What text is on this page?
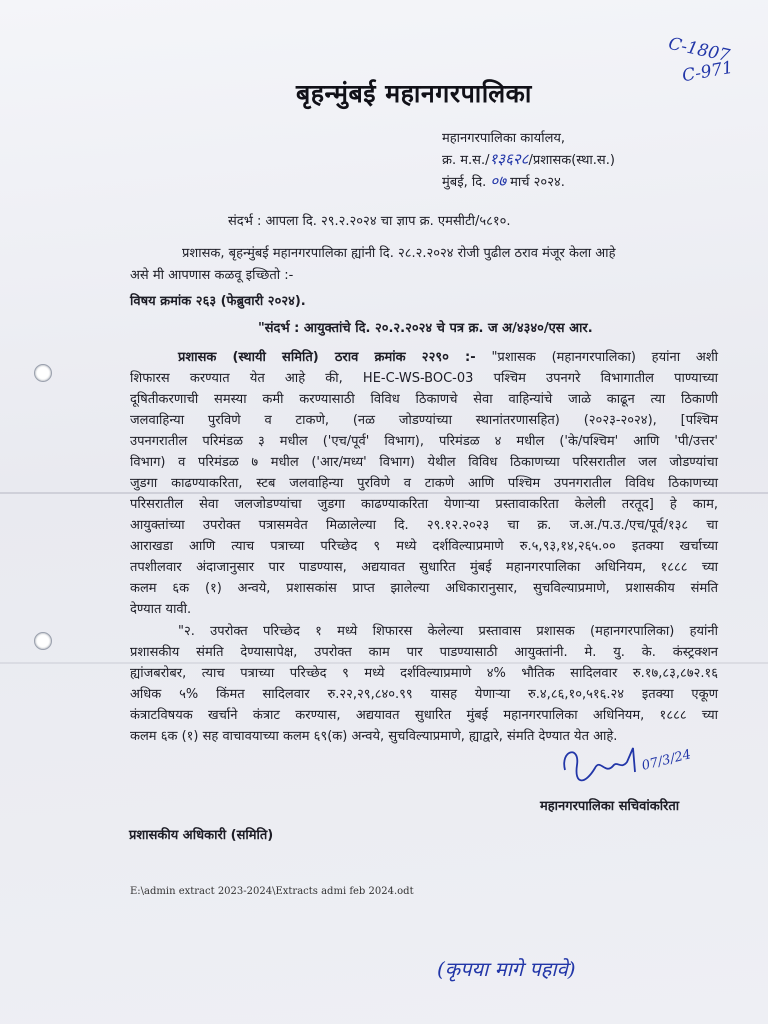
C-1807
C-971
बृहन्मुंबई महानगरपालिका
महानगरपालिका कार्यालय,
क्र. म.स./१३६२८/प्रशासक(स्था.स.)
मुंबई, दि. ०७ मार्च २०२४.
संदर्भ : आपला दि. २९.२.२०२४ चा ज्ञाप क्र. एमसीटी/५८१०.
प्रशासक, बृहन्मुंबई महानगरपालिका ह्यांनी दि. २८.२.२०२४ रोजी पुढील ठराव मंजूर केला आहे
असे मी आपणास कळवू इच्छितो :-
विषय क्रमांक २६३ (फेब्रुवारी २०२४).
"संदर्भ : आयुक्तांचे दि. २०.२.२०२४ चे पत्र क्र. ज अ/४३४०/एस आर.
प्रशासक (स्थायी समिति) ठराव क्रमांक २२९० :- "प्रशासक (महानगरपालिका) हयांना अशी
शिफारस करण्यात येत आहे की, HE-C-WS-BOC-03 पश्चिम उपनगरे विभागातील पाण्याच्या
दूषितीकरणाची समस्या कमी करण्यासाठी विविध ठिकाणचे सेवा वाहिन्यांचे जाळे काढून त्या ठिकाणी
जलवाहिन्या पुरविणे व टाकणे, (नळ जोडण्यांच्या स्थानांतरणासहित) (२०२३-२०२४), [पश्चिम
उपनगरातील परिमंडळ ३ मधील ('एच/पूर्व' विभाग), परिमंडळ ४ मधील ('के/पश्चिम' आणि 'पी/उत्तर'
विभाग) व परिमंडळ ७ मधील ('आर/मध्य' विभाग) येथील विविध ठिकाणच्या परिसरातील जल जोडण्यांचा
जुडगा काढण्याकरिता, स्टब जलवाहिन्या पुरविणे व टाकणे आणि पश्चिम उपनगरातील विविध ठिकाणच्या
परिसरातील सेवा जलजोडण्यांचा जुडगा काढण्याकरिता येणाऱ्या प्रस्तावाकरिता केलेली तरतूद] हे काम,
आयुक्तांच्या उपरोक्त पत्रासमवेत मिळालेल्या दि. २९.१२.२०२३ चा क्र. ज.अ./प.उ./एच/पूर्व/१३८ चा
आराखडा आणि त्याच पत्राच्या परिच्छेद ९ मध्ये दर्शविल्याप्रमाणे रु.५,९३,१४,२६५.०० इतक्या खर्चाच्या
तपशीलवार अंदाजानुसार पार पाडण्यास, अद्ययावत सुधारित मुंबई महानगरपालिका अधिनियम, १८८८ च्या
कलम ६क (१) अन्वये, प्रशासकांस प्राप्त झालेल्या अधिकारानुसार, सुचविल्याप्रमाणे, प्रशासकीय संमति
देण्यात यावी.
"२. उपरोक्त परिच्छेद १ मध्ये शिफारस केलेल्या प्रस्तावास प्रशासक (महानगरपालिका) हयांनी
प्रशासकीय संमति देण्यासापेक्ष, उपरोक्त काम पार पाडण्यासाठी आयुक्तांनी. मे. यु. के. कंस्ट्रक्शन
ह्यांजबरोबर, त्याच पत्राच्या परिच्छेद ९ मध्ये दर्शविल्याप्रमाणे ४% भौतिक सादिलवार रु.१७,८३,८७२.१६
अधिक ५% किंमत सादिलवार रु.२२,२९,८४०.९९ यासह येणाऱ्या रु.४,८६,१०,५१६.२४ इतक्या एकूण
कंत्राटविषयक खर्चाने कंत्राट करण्यास, अद्ययावत सुधारित मुंबई महानगरपालिका अधिनियम, १८८८ च्या
कलम ६क (१) सह वाचावयाच्या कलम ६९(क) अन्वये, सुचविल्याप्रमाणे, ह्याद्वारे, संमति देण्यात येत आहे.
07/3/24
महानगरपालिका सचिवांकरिता
प्रशासकीय अधिकारी (समिति)
E:\admin extract 2023-2024\Extracts admi feb 2024.odt
(कृपया मागे पहावे)
